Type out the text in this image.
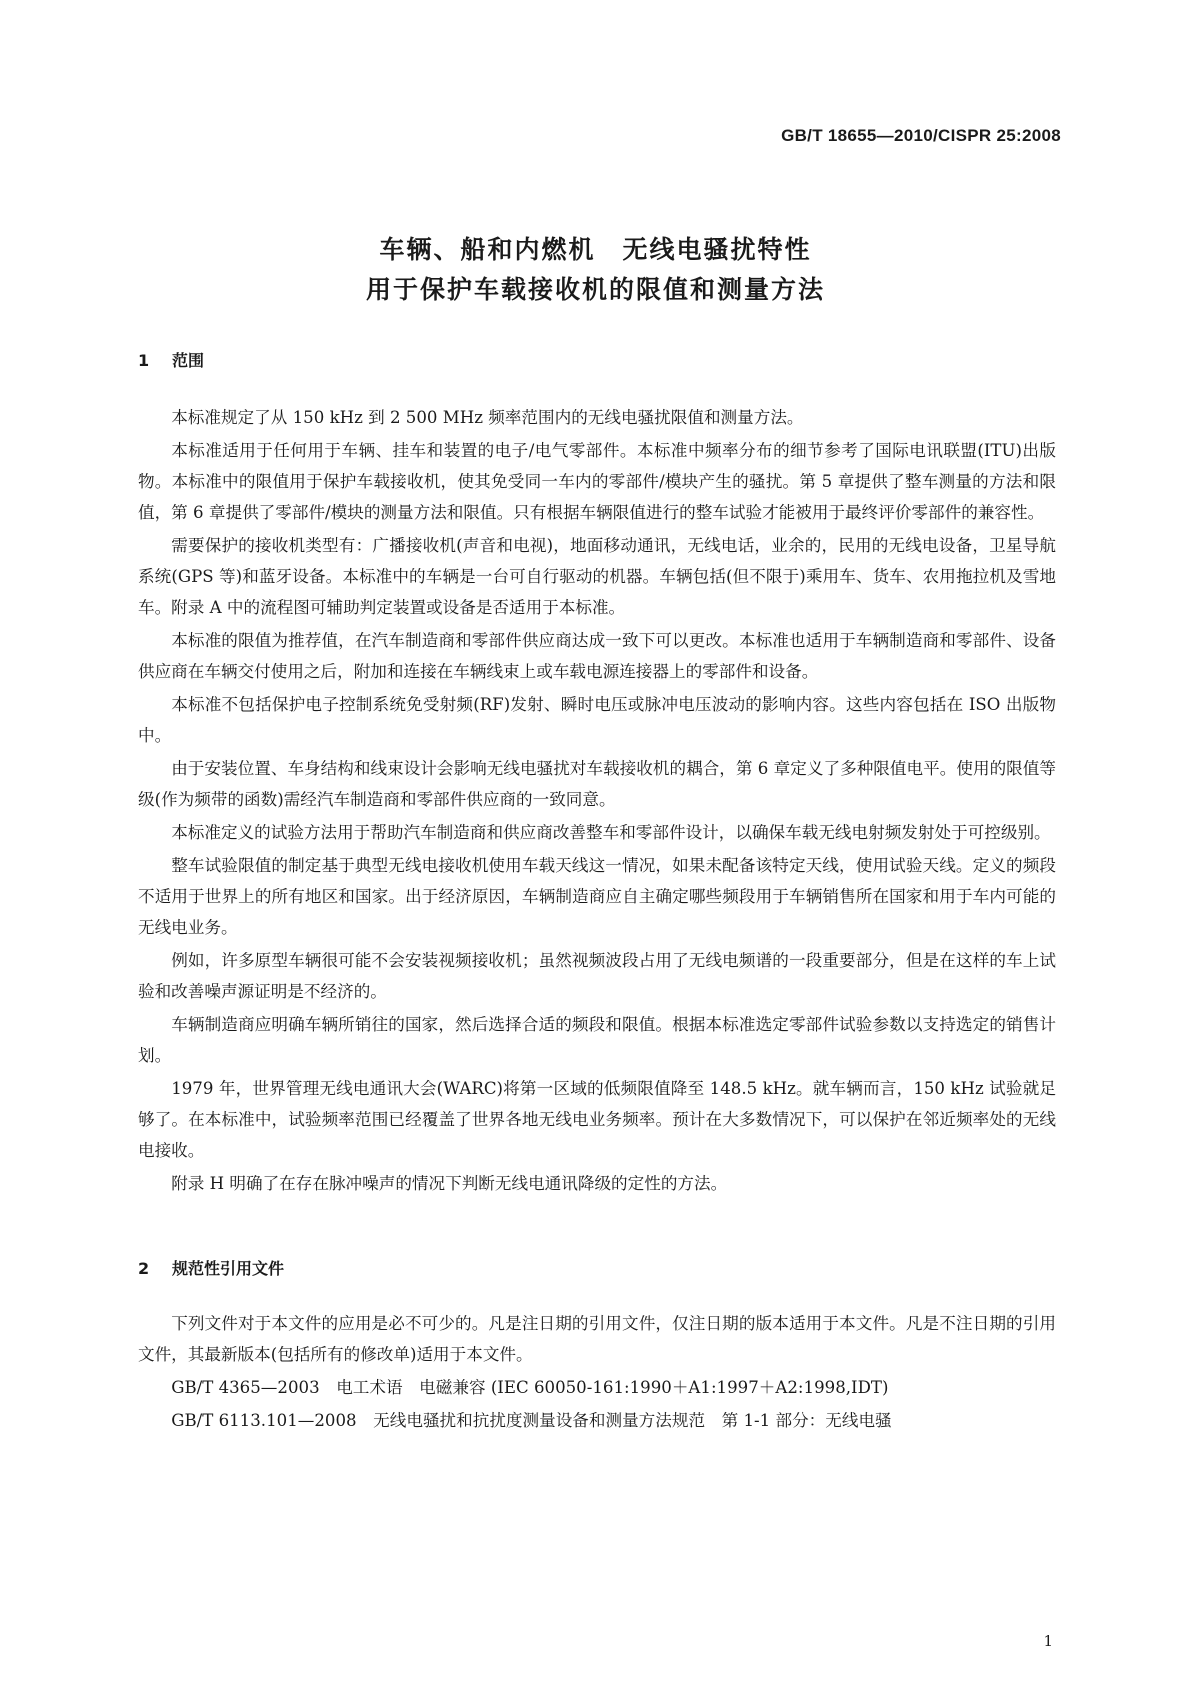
GB/T 18655—2010/CISPR 25:2008
车辆、船和内燃机　无线电骚扰特性
用于保护车载接收机的限值和测量方法
1 范围

本标准规定了从 150 kHz 到 2 500 MHz 频率范围内的无线电骚扰限值和测量方法。

本标准适用于任何用于车辆、挂车和装置的电子/电气零部件。本标准中频率分布的细节参考了国际电讯联盟(ITU)出版物。本标准中的限值用于保护车载接收机，使其免受同一车内的零部件/模块产生的骚扰。第 5 章提供了整车测量的方法和限值，第 6 章提供了零部件/模块的测量方法和限值。只有根据车辆限值进行的整车试验才能被用于最终评价零部件的兼容性。

需要保护的接收机类型有：广播接收机(声音和电视)，地面移动通讯，无线电话，业余的，民用的无线电设备，卫星导航系统(GPS 等)和蓝牙设备。本标准中的车辆是一台可自行驱动的机器。车辆包括(但不限于)乘用车、货车、农用拖拉机及雪地车。附录 A 中的流程图可辅助判定装置或设备是否适用于本标准。

本标准的限值为推荐值，在汽车制造商和零部件供应商达成一致下可以更改。本标准也适用于车辆制造商和零部件、设备供应商在车辆交付使用之后，附加和连接在车辆线束上或车载电源连接器上的零部件和设备。

本标准不包括保护电子控制系统免受射频(RF)发射、瞬时电压或脉冲电压波动的影响内容。这些内容包括在 ISO 出版物中。

由于安装位置、车身结构和线束设计会影响无线电骚扰对车载接收机的耦合，第 6 章定义了多种限值电平。使用的限值等级(作为频带的函数)需经汽车制造商和零部件供应商的一致同意。

本标准定义的试验方法用于帮助汽车制造商和供应商改善整车和零部件设计，以确保车载无线电射频发射处于可控级别。

整车试验限值的制定基于典型无线电接收机使用车载天线这一情况，如果未配备该特定天线，使用试验天线。定义的频段不适用于世界上的所有地区和国家。出于经济原因，车辆制造商应自主确定哪些频段用于车辆销售所在国家和用于车内可能的无线电业务。

例如，许多原型车辆很可能不会安装视频接收机；虽然视频波段占用了无线电频谱的一段重要部分，但是在这样的车上试验和改善噪声源证明是不经济的。

车辆制造商应明确车辆所销往的国家，然后选择合适的频段和限值。根据本标准选定零部件试验参数以支持选定的销售计划。

1979 年，世界管理无线电通讯大会(WARC)将第一区域的低频限值降至 148.5 kHz。就车辆而言，150 kHz 试验就足够了。在本标准中，试验频率范围已经覆盖了世界各地无线电业务频率。预计在大多数情况下，可以保护在邻近频率处的无线电接收。

附录 H 明确了在存在脉冲噪声的情况下判断无线电通讯降级的定性的方法。

2 规范性引用文件

下列文件对于本文件的应用是必不可少的。凡是注日期的引用文件，仅注日期的版本适用于本文件。凡是不注日期的引用文件，其最新版本(包括所有的修改单)适用于本文件。

GB/T 4365—2003　电工术语　电磁兼容 (IEC 60050-161:1990＋A1:1997＋A2:1998,IDT)

GB/T 6113.101—2008　无线电骚扰和抗扰度测量设备和测量方法规范　第 1-1 部分：无线电骚

1
